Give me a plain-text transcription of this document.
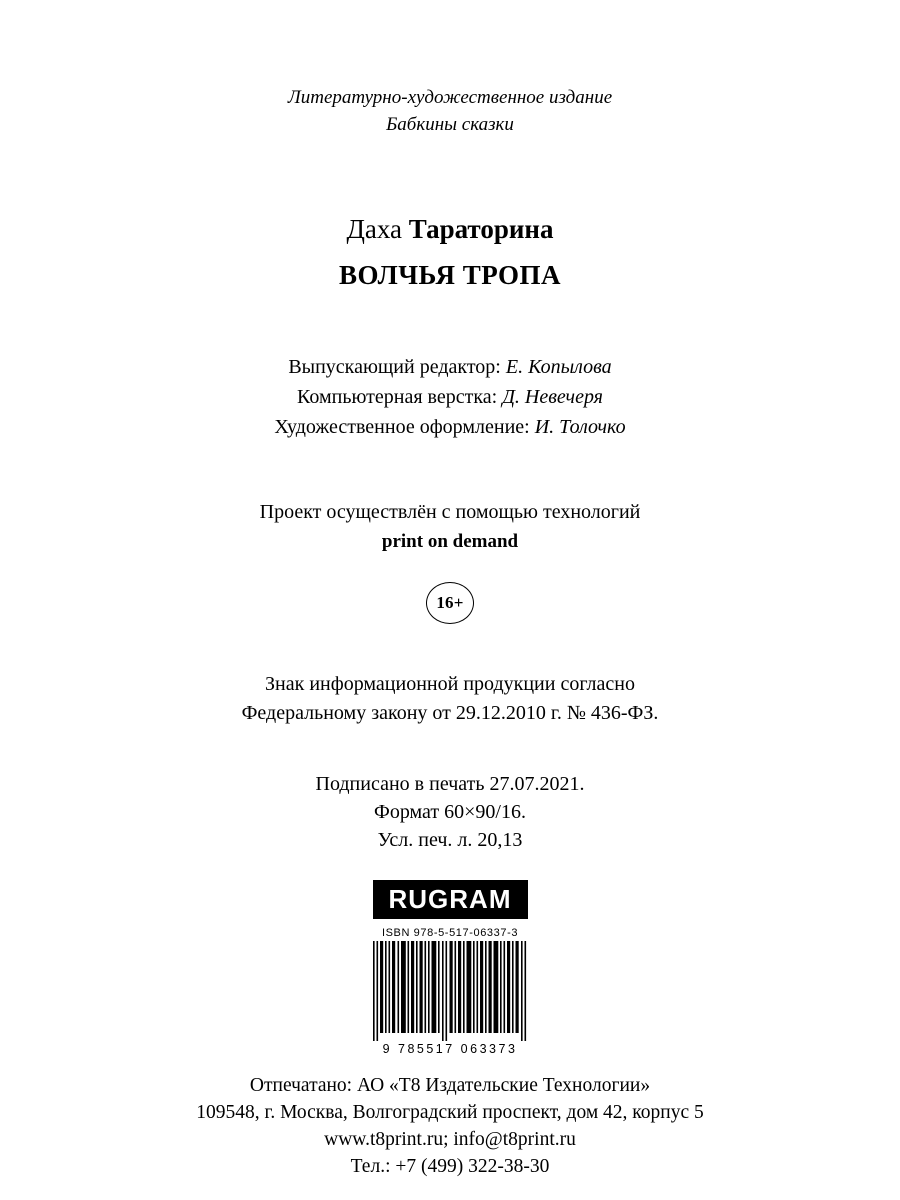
Литературно-художественное издание
Бабкины сказки
Даха Тараторина
ВОЛЧЬЯ ТРОПА
Выпускающий редактор: Е. Копылова
Компьютерная верстка: Д. Невечеря
Художественное оформление: И. Толочко
Проект осуществлён с помощью технологий
print on demand
16+
Знак информационной продукции согласно
Федеральному закону от 29.12.2010 г. № 436-ФЗ.
Подписано в печать 27.07.2021.
Формат 60×90/16.
Усл. печ. л. 20,13
RUGRAM
ISBN 978-5-517-06337-3
9 785517 063373
Отпечатано: АО «Т8 Издательские Технологии»
109548, г. Москва, Волгоградский проспект, дом 42, корпус 5
www.t8print.ru; info@t8print.ru
Тел.: +7 (499) 322-38-30
